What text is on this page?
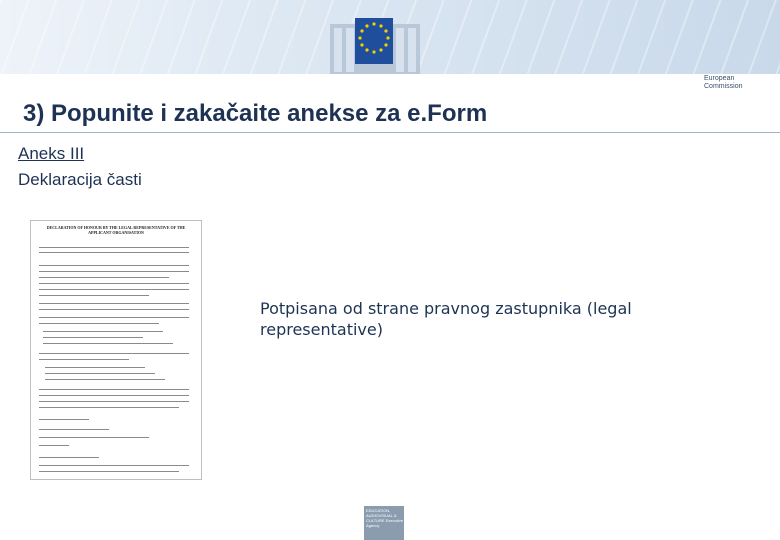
European Commission
3) Popunite i zakačaite anekse za e.Form
Aneks III
Deklaracija časti
DECLARATION OF HONOUR BY THE LEGAL REPRESENTATIVE OF THE APPLICANT ORGANISATION
Potpisana od strane pravnog zastupnika (legal representative)
EDUCATION, AUDIOVISUAL & CULTURE Executive Agency
